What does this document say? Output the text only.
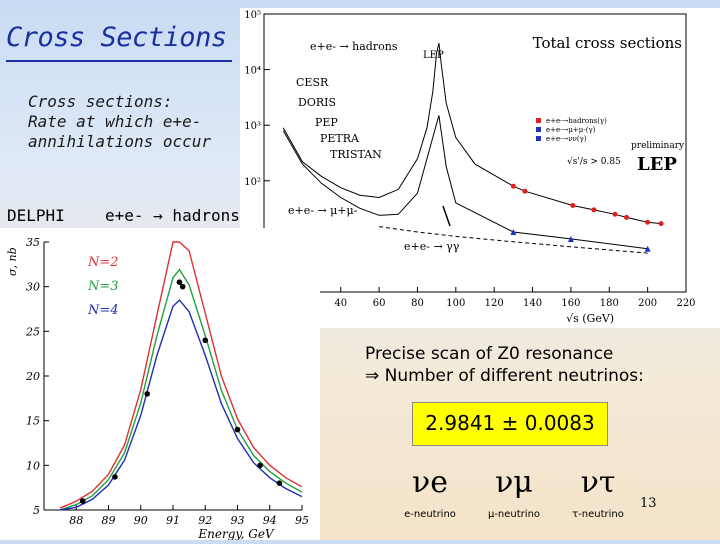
Cross Sections
Cross sections:
Rate at which e+e-
annihilations occur
40	60	80 100 120 140 160 180 200 220
10²
10³
10⁴
10⁵
√s (GeV)
Total cross sections
e+e- → hadrons
LEP
CESR
DORIS
PEP
PETRA
TRISTAN
e+e- → μ+μ-
e+e- → γγ
preliminary
LEP
√s'/s > 0.85
e+e-→hadrons(γ)
e+e-→μ+μ-(γ)
e+e-→νν(γ)
88 89 90 91 92 93 94 95
5
10
15
20
25
30
35
Energy, GeV
σ, nb	N=2
N=3
N=4
DELPHI	e+e- → hadrons
Precise scan of Z0 resonance
⇒ Number of different neutrinos:
2.9841 ± 0.0083
νe
e-neutrino
νμ
μ-neutrino
ντ
τ-neutrino
13
